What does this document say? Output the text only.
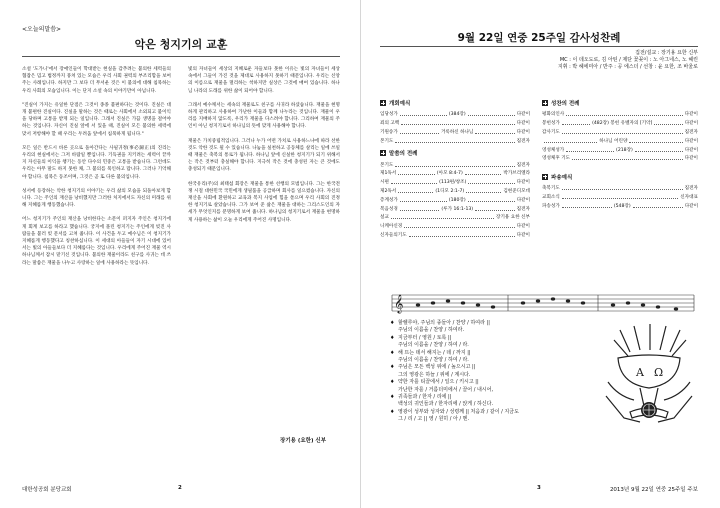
<오늘의말씀>
악은 청지기의 교훈

소설 '도가니'에서 장애인들이 학대받는 현실을 감추려는 불의한 세력들의 협잡은 밉고 법정까지 뭉쳐 있는 모습은 우리 사회 권력의 부조리함을 보여주는 사례입니다. 하지만 그 보다 더 무서운 것은 이 불의에 대해 침묵하는 우리 사회의 모습입니다. 이는 단지 소설 속의 이야기만이 아닙니다.

"진실이 가지는 유일한 단점은 그것이 종종 불편하다는 것이다. 진실은 대개 불편한 진실이다. 진실을 말하는 것은 때로는 사회에서 소외되고 불이익을 당하며 고통을 받게 되는 일입니다. 그래서 진실은 가끔 생명을 걸어야 하는 것입니다. 자신이 진실 앞에 서 있을 때, 진실이 모든 불의한 세력에 맞서 저항해야 할 때 우리는 두려움 앞에서 침묵하게 됩니다."

모든 일은 반드시 바른 곳으로 돌아간다는 사필귀정(事必歸正)의 진리는 우리의 현실에서는 그저 바람일 뿐입니다. 기득권을 지키려는 세력이 끝까지 자신들의 이익을 챙기는 동안 다수의 민중은 고통을 받습니다. 그런데도 우리는 아무 말도 하지 못한 채, 그 불의를 묵인하고 맙니다. 그러나 기억해야 합니다. 침묵은 동조이며, 그것은 곧 또 다른 불의입니다.

성서에 등장하는 악한 청지기의 이야기는 우리 삶의 모습을 되돌아보게 합니다. 그는 주인의 재산을 낭비했지만 그러한 처지에서도 자신의 미래를 위해 지혜롭게 행동했습니다.

어느 청지기가 주인의 재산을 낭비한다는 소문이 퍼지자 주인은 청지기에게 회계 보고를 하라고 했습니다. 궁지에 몰린 청지기는 주인에게 빚진 사람들을 불러 빚 문서를 고쳐 줍니다. 이 사건을 두고 예수님은 이 청지기가 지혜롭게 행동했다고 칭찬하십니다. 이 세대의 아들들이 자기 시대에 있어서는 빛의 아들들보다 더 지혜롭다는 것입니다. 우리에게 주어진 재물 역시 하나님께서 잠시 맡기신 것입니다. 불의한 재물이라도 친구를 사귀는 데 쓰라는 말씀은 재물을 나누고 사랑하는 일에 사용하라는 뜻입니다.

빛의 자녀들이 세상의 지혜로운 자들보다 못한 이유는 빛의 자녀들이 세상 속에서 그들이 가진 것을 제대로 사용하지 못하기 때문입니다. 우리는 신앙의 이름으로 재물을 멀리하는 척하지만 실상은 그것에 매여 있습니다. 하나님 나라의 도래를 위한 삶이 되어야 합니다.

그래서 예수께서는 세속의 재물로도 친구를 사귀라 하셨습니다. 재물을 현명하게 관리하고 사용하여 가난한 이들과 함께 나누라는 것입니다. 재물이 우리를 지배하지 않도록, 우리가 재물을 다스려야 합니다. 그리하여 재물의 주인이 아닌 청지기로서 하나님의 뜻에 맞게 사용해야 합니다.

재물은 가치중립적입니다. 그러나 누가 어떤 가치로 사용하느냐에 따라 선한 것도 악한 것도 될 수 있습니다. 나눔을 실천하고 공동체를 살리는 일에 쓰일 때 재물은 축복의 통로가 됩니다. 하나님 앞에 신실한 청지기가 되기 위해서는 작은 것부터 충실해야 합니다. 지극히 작은 것에 충성된 자는 큰 것에도 충성되기 때문입니다.

한국유리(주)의 최태섭 회장은 재물을 통한 선행의 모범입니다. 그는 한국전쟁 시절 대한민국 국민에게 생필품을 공급하며 회사를 일으켰습니다. 자신의 재산을 사회에 환원하고 교육과 복지 사업에 힘을 쏟으며 우리 사회의 진정한 청지기로 살았습니다. 그가 보여 준 삶은 재물을 대하는 그리스도인의 자세가 무엇인지를 분명하게 보여 줍니다. 하나님의 청지기로서 재물을 현명하게 사용하는 삶이 오늘 우리에게 주어진 사명입니다.

장기용 (요한) 신부
대한성공회 분당교회	2
9월 22일 연중 25주일 감사성찬례
집전/설교 : 장기용 요한 신부
MC : 이 데오도로, 김 아틴 / 제단 꽃꽂이 : 노 아그네스, 노 헤린
지휘 : 박 헤에미아 / 반주 : 공 에스더 / 선창 : 윤 요한, 조 바울로
개회예식
입당성가	(384장)	다같이
죄의 고백	다같이
기원송가	거룩하신 하나님	다같이
본기도	집전자
말씀의 전례
본기도	집전자
제1독서	(아모 8:4-7)	박가브리엘라
시편	(113편/창조)	다같이
제2독서	(1디모 2:1-7)	김현준디모데
층계성가	(180장)	다같이
복음성경	(루가 16:1-13)	집전자
설교	장기용 요한 신부
니케아신경	다같이
신자들의기도	다같이
성찬의 전례
평화의인사	다같이
봉헌성가	(482장) 봉헌 유벨자의 [기악]	다같이
감사기도	집전자
하나님 어린양	다같이
영성체성가	(218장)	다같이
영성체후 기도	다같이
파송예식
축복기도	집전자
교회소식	신자대표
파송성가	(548장)	다같이
𝄞
♦ 할렐루야, 주님의 종들아 / 찬양 / 하여라 ||
주님의 이름을 / 찬양 / 하여라.
♦ 지금부터 / 영원 / 토록 ||
주님의 이름을 / 찬양 / 하여 / 라.
♦ 해 뜨는 데서 해지는 / 데 / 까지 ||
주님의 이름을 / 찬양 / 하여 / 라.
♦ 주님은 모든 백성 위에 / 높으시고 ||
그의 영광은 하늘 / 위에 / 계시다.
♦ 약한 자를 티끌에서 / 일으 / 키시고 ||
가난한 자를 / 거름더미에서 / 끌어 / 내시어,
♦ 귀족들과 / 한자 / 리에 ||
백성의 귀인들과 / 한자리에 / 앉게 / 하신다.
♦ 영광이 성부와 성자와 / 성령께 || 처음과 / 같이 / 지금도
그 / 리 / 고 || 영 / 원히 / 아 / 멘.
A Ω
3	2013년 9월 22일 연중 25주일 주보
